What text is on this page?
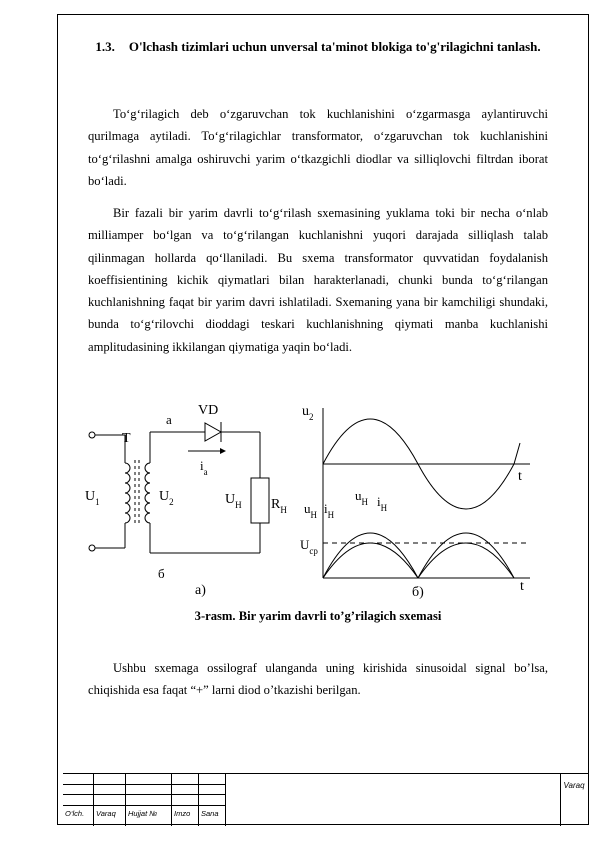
1.3. O'lchash tizimlari uchun unversal ta'minot blokiga to'g'rilagichni tanlash.
To‘g‘rilagich deb o‘zgaruvchan tok kuchlanishini o‘zgarmasga aylantiruvchi qurilmaga aytiladi. To‘g‘rilagichlar transformator, o‘zgaruvchan tok kuchlanishini to‘g‘rilashni amalga oshiruvchi yarim o‘tkazgichli diodlar va silliqlovchi filtrdan iborat bo‘ladi.
Bir fazali bir yarim davrli to‘g‘rilash sxemasining yuklama toki bir necha o‘nlab milliamper bo‘lgan va to‘g‘rilangan kuchlanishni yuqori darajada silliqlash talab qilinmagan hollarda qo‘llaniladi. Bu sxema transformator quvvatidan foydalanish koeffisientining kichik qiymatlari bilan harakterlanadi, chunki bunda to‘g‘rilangan kuchlanishning faqat bir yarim davri ishlatiladi. Sxemaning yana bir kamchiligi shundaki, bunda to‘g‘rilovchi dioddagi teskari kuchlanishning qiymati manba kuchlanishi amplitudasining ikkilangan qiymatiga yaqin bo‘ladi.
VD
T
a
б
$i_a$
$U_1$	$U_2$	$U_H$ $R_H$
a)
$u_2$
t
$u_H$ $i_H$
$u_H$ $i_H$
$U_{cp}$
t
б)
3-rasm. Bir yarim davrli to’g’rilagich sxemasi
Ushbu sxemaga ossilograf ulanganda uning kirishida sinusoidal signal bo’lsa, chiqishida esa faqat “+” larni diod o’tkazishi berilgan.
O‘lch. Varaq Hujjat № Imzo Sana
Varaq
